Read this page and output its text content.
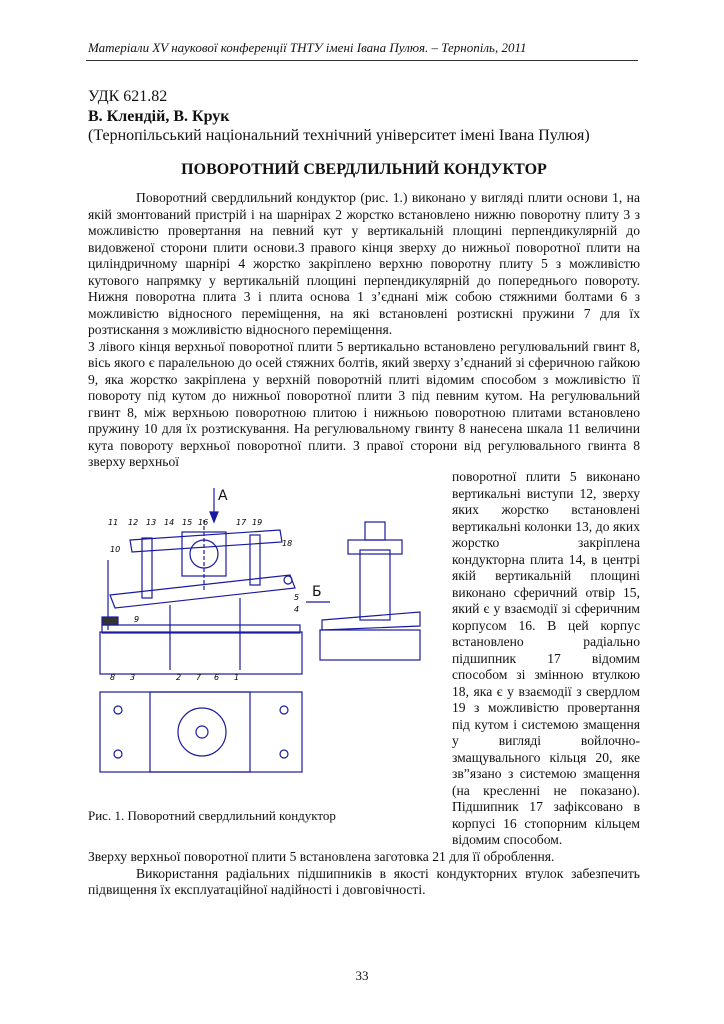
Матеріали XV наукової конференції ТНТУ імені Івана Пулюя. – Тернопіль, 2011
УДК 621.82
В. Клендій, В. Крук
(Тернопільський національний технічний університет імені Івана Пулюя)
ПОВОРОТНИЙ СВЕРДЛИЛЬНИЙ КОНДУКТОР

Поворотний свердлильний кондуктор (рис. 1.) виконано у вигляді плити основи 1, на якій змонтований пристрій і на шарнірах 2 жорстко встановлено нижню поворотну плиту 3 з можливістю провертання на певний кут у вертикальній площині перпендикулярній до видовженої сторони плити основи.З правого кінця зверху до нижньої поворотної плити на циліндричному шарнірі 4 жорстко закріплено верхню поворотну плиту 5 з можливістю кутового напрямку у вертикальній площині перпендикулярній до попереднього повороту. Нижня поворотна плита 3 і плита основа 1 з’єднані між собою стяжними болтами 6 з можливістю відносного переміщення, на які встановлені розтискні пружини 7 для їх розтискання з можливістю відносного переміщення.

З лівого кінця верхньої поворотної плити 5 вертикально встановлено регулювальний гвинт 8, вісь якого є паралельною до осей стяжних болтів, який зверху з’єднаний зі сферичною гайкою 9, яка жорстко закріплена у верхній поворотній плиті відомим способом з можливістю її повороту під кутом до нижньої поворотної плити 3 під певним кутом. На регулювальний гвинт 8, між верхньою поворотною плитою і нижньою поворотною плитами встановлено пружину 10 для їх розтискування. На регулювальному гвинту 8 нанесена шкала 11 величини кута повороту верхньої поворотної плити. З правої сторони від регулювального гвинта 8 зверху верхньої

поворотної плити 5 виконано вертикальні виступи 12, зверху яких жорстко встановлені вертикальні колонки 13, до яких жорстко закріплена кондукторна плита 14, в центрі якій вертикальній площині виконано сферичний отвір 15, який є у взаємодії зі сферичним корпусом 16. В цей корпус встановлено радіально підшипник 17 відомим способом зі змінною втулкою 18, яка є у взаємодії з свердлом 19 з можливістю провертання під кутом і системою змащення у вигляді войлочно-змащувального кільця 20, яке зв”язано з системою змащення (на кресленні не показано). Підшипник 17 зафіксовано в корпусі 16 стопорним кільцем відомим способом.
А
Б
11 12 13 14 15 16	17 19
10
18
9
5
4
8 3	2 7 6 1
Рис. 1. Поворотний свердлильний кондуктор

Зверху верхньої поворотної плити 5 встановлена заготовка 21 для її оброблення.

Використання радіальних підшипників в якості кондукторних втулок забезпечить підвищення їх експлуатаційної надійності і довговічності.

33
